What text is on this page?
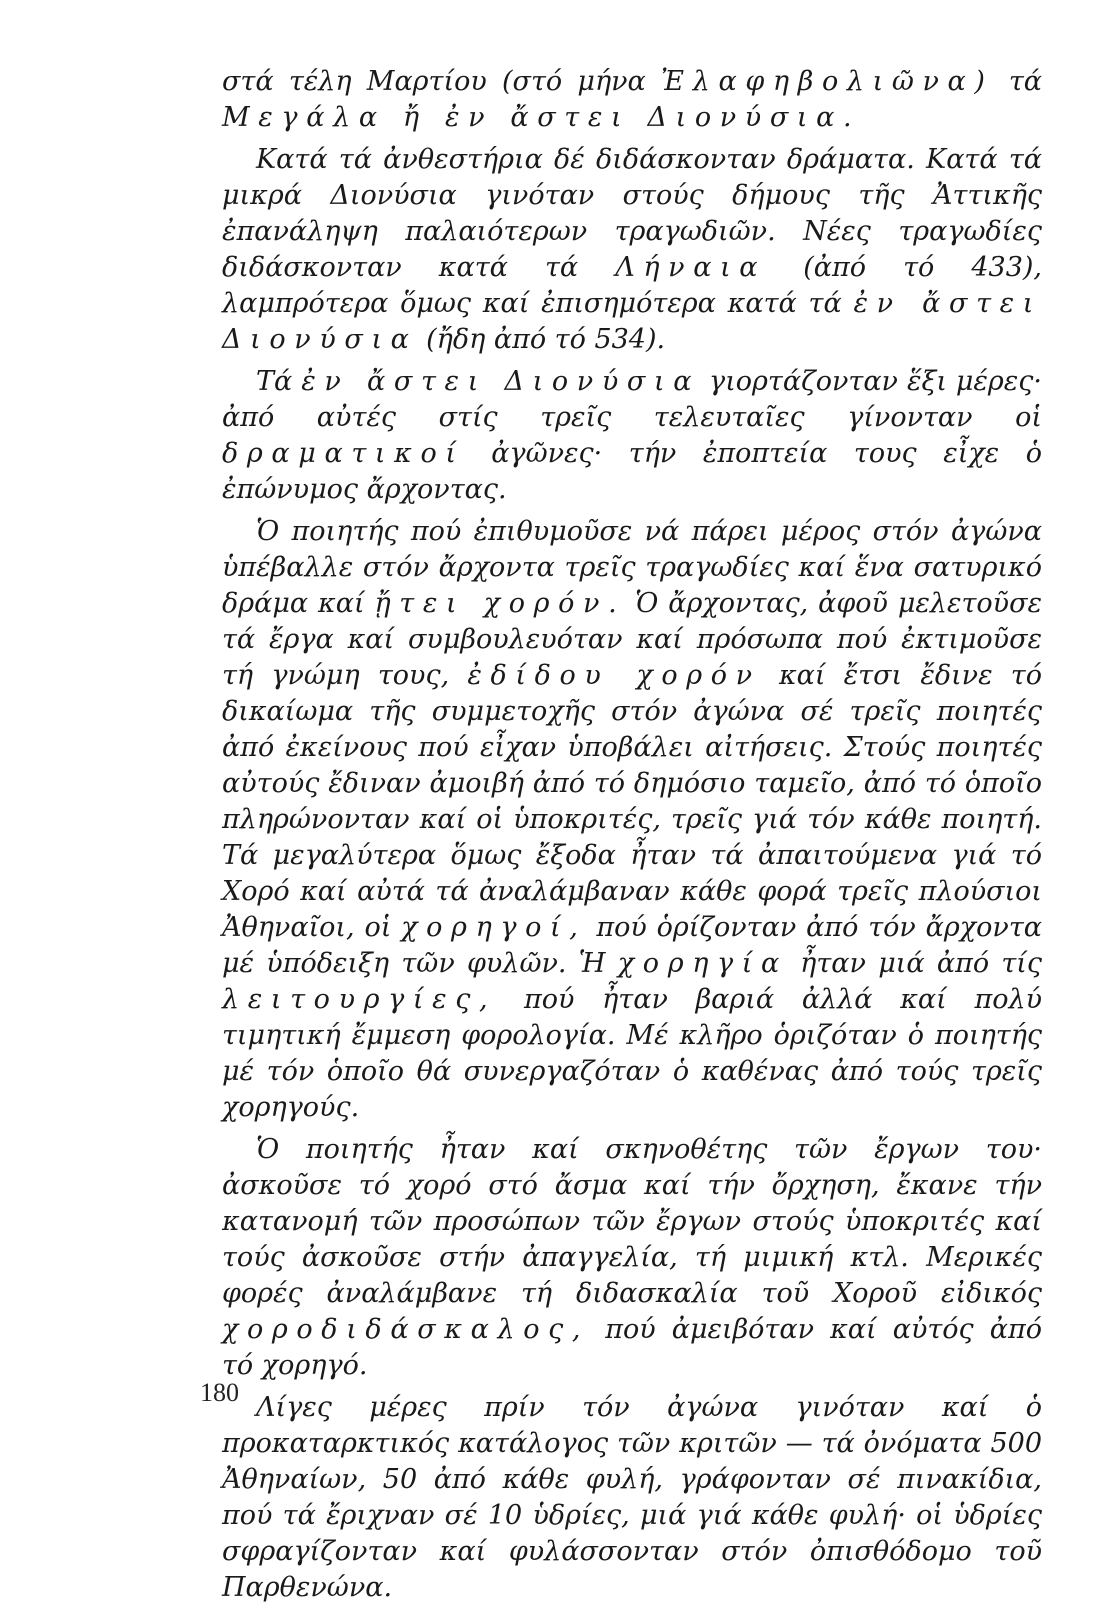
στά τέλη Μαρτίου (στό μήνα Ἐλαφηβολιῶνα) τά Μεγάλα ἤ ἐν ἄστει Διονύσια.

Κατά τά ἀνθεστήρια δέ διδάσκονταν δράματα. Κατά τά μικρά Διονύσια γινόταν στούς δήμους τῆς Ἀττικῆς ἐπανάληψη παλαιότερων τραγωδιῶν. Νέες τραγωδίες διδάσκονταν κατά τά Λήναια (ἀπό τό 433), λαμπρότερα ὅμως καί ἐπισημότερα κατά τά ἐν ἄστει Διονύσια (ἤδη ἀπό τό 534).

Τά ἐν ἄστει Διονύσια γιορτάζονταν ἕξι μέρες· ἀπό αὐτές στίς τρεῖς τελευταῖες γίνονταν οἱ δραματικοί ἀγῶνες· τήν ἐποπτεία τους εἶχε ὁ ἐπώνυμος ἄρχοντας.

Ὁ ποιητής πού ἐπιθυμοῦσε νά πάρει μέρος στόν ἀγώνα ὑπέβαλλε στόν ἄρχοντα τρεῖς τραγωδίες καί ἕνα σατυρικό δράμα καί ᾔτει χορόν. Ὁ ἄρχοντας, ἀφοῦ μελετοῦσε τά ἔργα καί συμβουλευόταν καί πρόσωπα πού ἐκτιμοῦσε τή γνώμη τους, ἐδίδου χορόν καί ἔτσι ἔδινε τό δικαίωμα τῆς συμμετοχῆς στόν ἀγώνα σέ τρεῖς ποιητές ἀπό ἐκείνους πού εἶχαν ὑποβάλει αἰτήσεις. Στούς ποιητές αὐτούς ἔδιναν ἀμοιβή ἀπό τό δημόσιο ταμεῖο, ἀπό τό ὁποῖο πληρώνονταν καί οἱ ὑποκριτές, τρεῖς γιά τόν κάθε ποιητή. Τά μεγαλύτερα ὅμως ἔξοδα ἦταν τά ἀπαιτούμενα γιά τό Χορό καί αὐτά τά ἀναλάμβαναν κάθε φορά τρεῖς πλούσιοι Ἀθηναῖοι, οἱ χορηγοί, πού ὁρίζονταν ἀπό τόν ἄρχοντα μέ ὑπόδειξη τῶν φυλῶν. Ἡ χορηγία ἦταν μιά ἀπό τίς λειτουργίες, πού ἦταν βαριά ἀλλά καί πολύ τιμητική ἔμμεση φορολογία. Μέ κλῆρο ὁριζόταν ὁ ποιητής μέ τόν ὁποῖο θά συνεργαζόταν ὁ καθένας ἀπό τούς τρεῖς χορηγούς.

Ὁ ποιητής ἦταν καί σκηνοθέτης τῶν ἔργων του· ἀσκοῦσε τό χορό στό ἄσμα καί τήν ὄρχηση, ἔκανε τήν κατανομή τῶν προσώπων τῶν ἔργων στούς ὑποκριτές καί τούς ἀσκοῦσε στήν ἀπαγγελία, τή μιμική κτλ. Μερικές φορές ἀναλάμβανε τή διδασκαλία τοῦ Χοροῦ εἰδικός χοροδιδάσκαλος, πού ἀμειβόταν καί αὐτός ἀπό τό χορηγό.

Λίγες μέρες πρίν τόν ἀγώνα γινόταν καί ὁ προκαταρκτικός κατάλογος τῶν κριτῶν — τά ὀνόματα 500 Ἀθηναίων, 50 ἀπό κάθε φυλή, γράφονταν σέ πινακίδια, πού τά ἔριχναν σέ 10 ὑδρίες, μιά γιά κάθε φυλή· οἱ ὑδρίες σφραγίζονταν καί φυλάσσονταν στόν ὀπισθόδομο τοῦ Παρθενώνα.

180
